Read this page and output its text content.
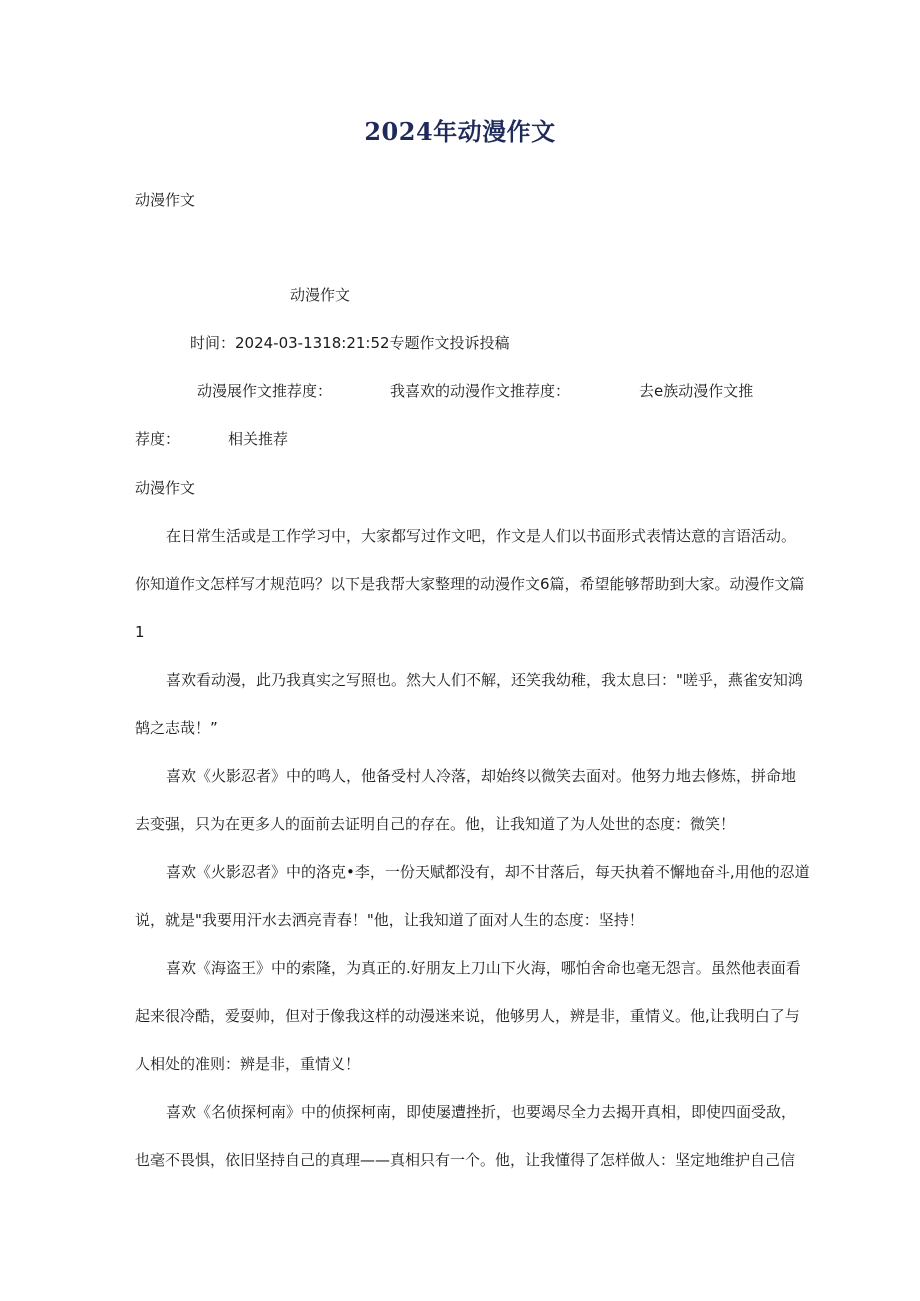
2024年动漫作文
动漫作文
动漫作文
时间：2024-03-1318:21:52专题作文投诉投稿
动漫展作文推荐度：	我喜欢的动漫作文推荐度：	去e族动漫作文推
荐度：	相关推荐
动漫作文
在日常生活或是工作学习中，大家都写过作文吧，作文是人们以书面形式表情达意的言语活动。
你知道作文怎样写才规范吗？以下是我帮大家整理的动漫作文6篇，希望能够帮助到大家。动漫作文篇
1
喜欢看动漫，此乃我真实之写照也。然大人们不解，还笑我幼稚，我太息曰："嗟乎，燕雀安知鸿
鹄之志哉！”
喜欢《火影忍者》中的鸣人，他备受村人冷落，却始终以微笑去面对。他努力地去修炼，拼命地
去变强，只为在更多人的面前去证明自己的存在。他，让我知道了为人处世的态度：微笑！
喜欢《火影忍者》中的洛克•李，一份天赋都没有，却不甘落后，每天执着不懈地奋斗,用他的忍道
说，就是"我要用汗水去洒亮青春！"他，让我知道了面对人生的态度：坚持！
喜欢《海盗王》中的索隆，为真正的.好朋友上刀山下火海，哪怕舍命也毫无怨言。虽然他表面看
起来很冷酷，爱耍帅，但对于像我这样的动漫迷来说，他够男人，辨是非，重情义。他,让我明白了与
人相处的准则：辨是非，重情义！
喜欢《名侦探柯南》中的侦探柯南，即使屡遭挫折，也要竭尽全力去揭开真相，即使四面受敌，
也毫不畏惧，依旧坚持自己的真理——真相只有一个。他，让我懂得了怎样做人：坚定地维护自己信
